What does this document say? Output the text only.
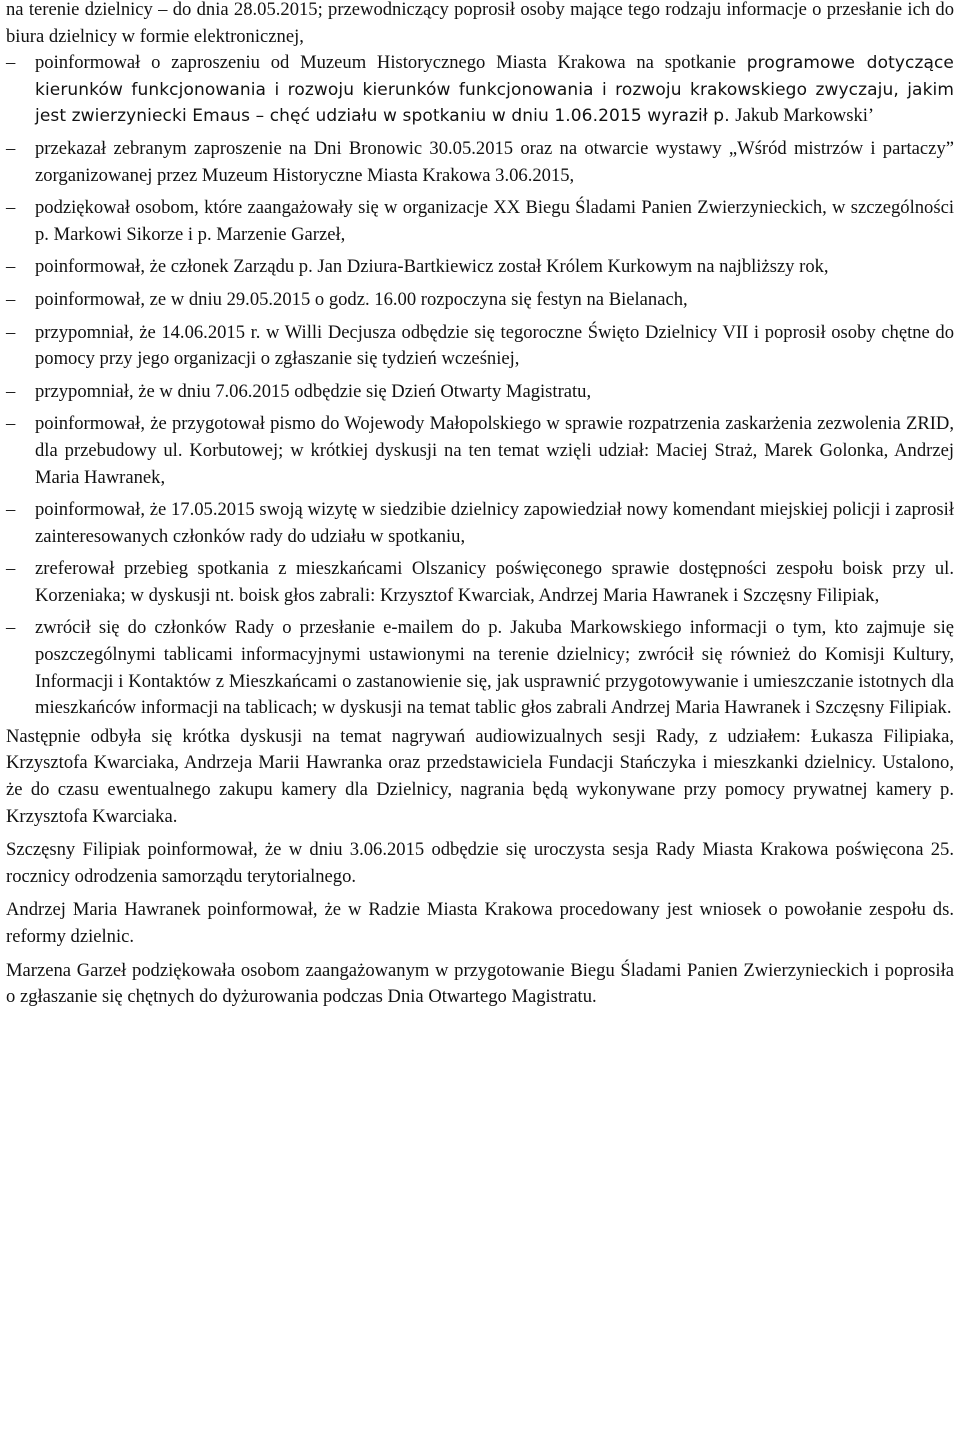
na terenie dzielnicy – do dnia 28.05.2015; przewodniczący poprosił osoby mające tego rodzaju informacje o przesłanie ich do biura dzielnicy w formie elektronicznej,

–	poinformował o zaproszeniu od Muzeum Historycznego Miasta Krakowa na spotkanie programowe dotyczące kierunków funkcjonowania i rozwoju kierunków funkcjonowania i rozwoju krakowskiego zwyczaju, jakim jest zwierzyniecki Emaus – chęć udziału w spotkaniu w dniu 1.06.2015 wyraził p. Jakub Markowski’
–	przekazał zebranym zaproszenie na Dni Bronowic 30.05.2015 oraz na otwarcie wystawy „Wśród mistrzów i partaczy” zorganizowanej przez Muzeum Historyczne Miasta Krakowa 3.06.2015,
–	podziękował osobom, które zaangażowały się w organizacje XX Biegu Śladami Panien Zwierzynieckich, w szczególności p. Markowi Sikorze i p. Marzenie Garzeł,
–	poinformował, że członek Zarządu p. Jan Dziura-Bartkiewicz został Królem Kurkowym na najbliższy rok,
–	poinformował, ze w dniu 29.05.2015 o godz. 16.00 rozpoczyna się festyn na Bielanach,
–	przypomniał, że 14.06.2015 r. w Willi Decjusza odbędzie się tegoroczne Święto Dzielnicy VII i poprosił osoby chętne do pomocy przy jego organizacji o zgłaszanie się tydzień wcześniej,
–	przypomniał, że w dniu 7.06.2015 odbędzie się Dzień Otwarty Magistratu,
–	poinformował, że przygotował pismo do Wojewody Małopolskiego w sprawie rozpatrzenia zaskarżenia zezwolenia ZRID, dla przebudowy ul. Korbutowej; w krótkiej dyskusji na ten temat wzięli udział: Maciej Straż, Marek Golonka, Andrzej Maria Hawranek,
–	poinformował, że 17.05.2015 swoją wizytę w siedzibie dzielnicy zapowiedział nowy komendant miejskiej policji i zaprosił zainteresowanych członków rady do udziału w spotkaniu,
–	zreferował przebieg spotkania z mieszkańcami Olszanicy poświęconego sprawie dostępności zespołu boisk przy ul. Korzeniaka; w dyskusji nt. boisk głos zabrali: Krzysztof Kwarciak, Andrzej Maria Hawranek i Szczęsny Filipiak,
–	zwrócił się do członków Rady o przesłanie e-mailem do p. Jakuba Markowskiego informacji o tym, kto zajmuje się poszczególnymi tablicami informacyjnymi ustawionymi na terenie dzielnicy; zwrócił się również do Komisji Kultury, Informacji i Kontaktów z Mieszkańcami o zastanowienie się, jak usprawnić przygotowywanie i umieszczanie istotnych dla mieszkańców informacji na tablicach; w dyskusji na temat tablic głos zabrali Andrzej Maria Hawranek i Szczęsny Filipiak.

Następnie odbyła się krótka dyskusji na temat nagrywań audiowizualnych sesji Rady, z udziałem: Łukasza Filipiaka, Krzysztofa Kwarciaka, Andrzeja Marii Hawranka oraz przedstawiciela Fundacji Stańczyka i mieszkanki dzielnicy. Ustalono, że do czasu ewentualnego zakupu kamery dla Dzielnicy, nagrania będą wykonywane przy pomocy prywatnej kamery p. Krzysztofa Kwarciaka.

Szczęsny Filipiak poinformował, że w dniu 3.06.2015 odbędzie się uroczysta sesja Rady Miasta Krakowa poświęcona 25. rocznicy odrodzenia samorządu terytorialnego.

Andrzej Maria Hawranek poinformował, że w Radzie Miasta Krakowa procedowany jest wniosek o powołanie zespołu ds. reformy dzielnic.

Marzena Garzeł podziękowała osobom zaangażowanym w przygotowanie Biegu Śladami Panien Zwierzynieckich i poprosiła o zgłaszanie się chętnych do dyżurowania podczas Dnia Otwartego Magistratu.
